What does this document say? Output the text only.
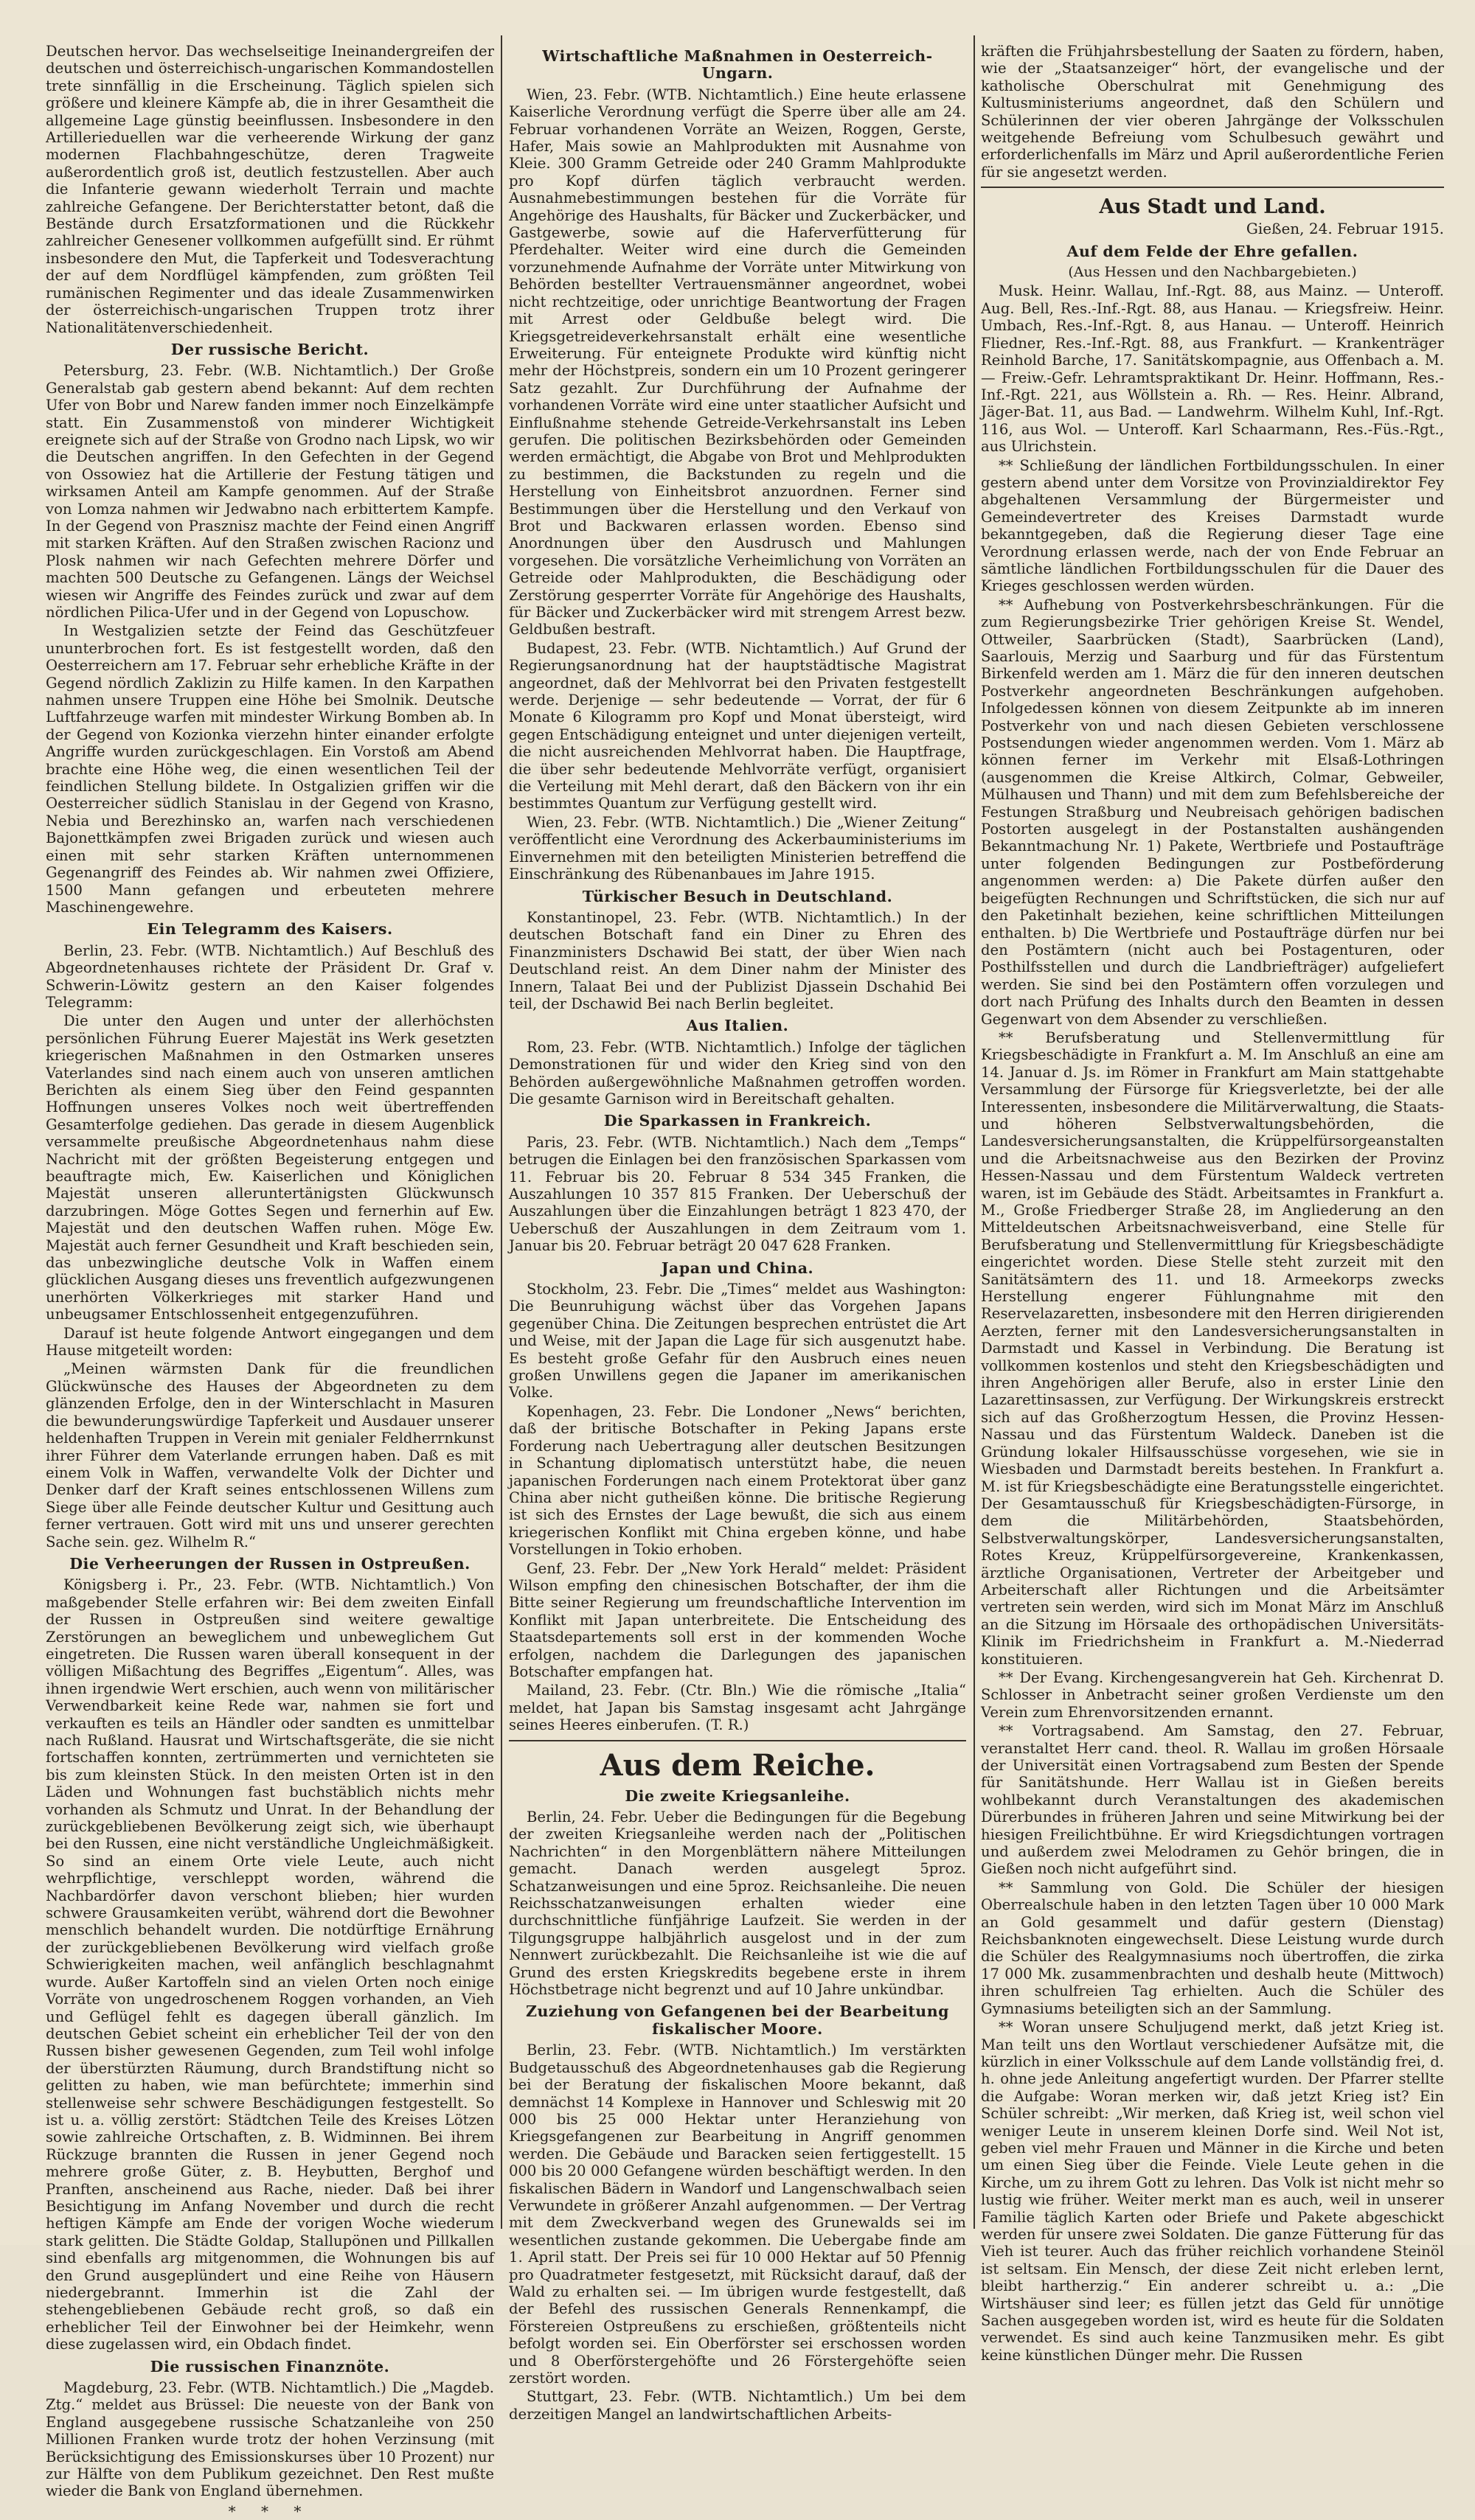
Deutschen hervor. Das wechselseitige Ineinandergreifen der deutschen und österreichisch-ungarischen Kommandostellen trete sinnfällig in die Erscheinung. Täglich spielen sich größere und kleinere Kämpfe ab, die in ihrer Gesamtheit die allgemeine Lage günstig beeinflussen. Insbesondere in den Artillerieduellen war die verheerende Wirkung der ganz modernen Flachbahngeschütze, deren Tragweite außerordentlich groß ist, deutlich festzustellen. Aber auch die Infanterie gewann wiederholt Terrain und machte zahlreiche Gefangene. Der Berichterstatter betont, daß die Bestände durch Ersatzformationen und die Rückkehr zahlreicher Genesener vollkommen aufgefüllt sind. Er rühmt insbesondere den Mut, die Tapferkeit und Todesverachtung der auf dem Nordflügel kämpfenden, zum größten Teil rumänischen Regimenter und das ideale Zusammenwirken der österreichisch-ungarischen Truppen trotz ihrer Nationalitätenverschiedenheit.

Der russische Bericht.

Petersburg, 23. Febr. (W.B. Nichtamtlich.) Der Große Generalstab gab gestern abend bekannt: Auf dem rechten Ufer von Bobr und Narew fanden immer noch Einzelkämpfe statt. Ein Zusammenstoß von minderer Wichtigkeit ereignete sich auf der Straße von Grodno nach Lipsk, wo wir die Deutschen angriffen. In den Gefechten in der Gegend von Ossowiez hat die Artillerie der Festung tätigen und wirksamen Anteil am Kampfe genommen. Auf der Straße von Lomza nahmen wir Jedwabno nach erbittertem Kampfe. In der Gegend von Prasznisz machte der Feind einen Angriff mit starken Kräften. Auf den Straßen zwischen Racionz und Plosk nahmen wir nach Gefechten mehrere Dörfer und machten 500 Deutsche zu Gefangenen. Längs der Weichsel wiesen wir Angriffe des Feindes zurück und zwar auf dem nördlichen Pilica-Ufer und in der Gegend von Lopuschow.

In Westgalizien setzte der Feind das Geschützfeuer ununterbrochen fort. Es ist festgestellt worden, daß den Oesterreichern am 17. Februar sehr erhebliche Kräfte in der Gegend nördlich Zaklizin zu Hilfe kamen. In den Karpathen nahmen unsere Truppen eine Höhe bei Smolnik. Deutsche Luftfahrzeuge warfen mit mindester Wirkung Bomben ab. In der Gegend von Kozionka vierzehn hinter einander erfolgte Angriffe wurden zurückgeschlagen. Ein Vorstoß am Abend brachte eine Höhe weg, die einen wesentlichen Teil der feindlichen Stellung bildete. In Ostgalizien griffen wir die Oesterreicher südlich Stanislau in der Gegend von Krasno, Nebia und Berezhinsko an, warfen nach verschiedenen Bajonettkämpfen zwei Brigaden zurück und wiesen auch einen mit sehr starken Kräften unternommenen Gegenangriff des Feindes ab. Wir nahmen zwei Offiziere, 1500 Mann gefangen und erbeuteten mehrere Maschinengewehre.

Ein Telegramm des Kaisers.

Berlin, 23. Febr. (WTB. Nichtamtlich.) Auf Beschluß des Abgeordnetenhauses richtete der Präsident Dr. Graf v. Schwerin-Löwitz gestern an den Kaiser folgendes Telegramm:

Die unter den Augen und unter der allerhöchsten persönlichen Führung Euerer Majestät ins Werk gesetzten kriegerischen Maßnahmen in den Ostmarken unseres Vaterlandes sind nach einem auch von unseren amtlichen Berichten als einem Sieg über den Feind gespannten Hoffnungen unseres Volkes noch weit übertreffenden Gesamterfolge gediehen. Das gerade in diesem Augenblick versammelte preußische Abgeordnetenhaus nahm diese Nachricht mit der größten Begeisterung entgegen und beauftragte mich, Ew. Kaiserlichen und Königlichen Majestät unseren alleruntertänigsten Glückwunsch darzubringen. Möge Gottes Segen und fernerhin auf Ew. Majestät und den deutschen Waffen ruhen. Möge Ew. Majestät auch ferner Gesundheit und Kraft beschieden sein, das unbezwingliche deutsche Volk in Waffen einem glücklichen Ausgang dieses uns freventlich aufgezwungenen unerhörten Völkerkrieges mit starker Hand und unbeugsamer Entschlossenheit entgegenzuführen.

Darauf ist heute folgende Antwort eingegangen und dem Hause mitgeteilt worden:

„Meinen wärmsten Dank für die freundlichen Glückwünsche des Hauses der Abgeordneten zu dem glänzenden Erfolge, den in der Winterschlacht in Masuren die bewunderungswürdige Tapferkeit und Ausdauer unserer heldenhaften Truppen in Verein mit genialer Feldherrnkunst ihrer Führer dem Vaterlande errungen haben. Daß es mit einem Volk in Waffen, verwandelte Volk der Dichter und Denker darf der Kraft seines entschlossenen Willens zum Siege über alle Feinde deutscher Kultur und Gesittung auch ferner vertrauen. Gott wird mit uns und unserer gerechten Sache sein. gez. Wilhelm R.“

Die Verheerungen der Russen in Ostpreußen.

Königsberg i. Pr., 23. Febr. (WTB. Nichtamtlich.) Von maßgebender Stelle erfahren wir: Bei dem zweiten Einfall der Russen in Ostpreußen sind weitere gewaltige Zerstörungen an beweglichem und unbeweglichem Gut eingetreten. Die Russen waren überall konsequent in der völligen Mißachtung des Begriffes „Eigentum“. Alles, was ihnen irgendwie Wert erschien, auch wenn von militärischer Verwendbarkeit keine Rede war, nahmen sie fort und verkauften es teils an Händler oder sandten es unmittelbar nach Rußland. Hausrat und Wirtschaftsgeräte, die sie nicht fortschaffen konnten, zertrümmerten und vernichteten sie bis zum kleinsten Stück. In den meisten Orten ist in den Läden und Wohnungen fast buchstäblich nichts mehr vorhanden als Schmutz und Unrat. In der Behandlung der zurückgebliebenen Bevölkerung zeigt sich, wie überhaupt bei den Russen, eine nicht verständliche Ungleichmäßigkeit. So sind an einem Orte viele Leute, auch nicht wehrpflichtige, verschleppt worden, während die Nachbardörfer davon verschont blieben; hier wurden schwere Grausamkeiten verübt, während dort die Bewohner menschlich behandelt wurden. Die notdürftige Ernährung der zurückgebliebenen Bevölkerung wird vielfach große Schwierigkeiten machen, weil anfänglich beschlagnahmt wurde. Außer Kartoffeln sind an vielen Orten noch einige Vorräte von ungedroschenem Roggen vorhanden, an Vieh und Geflügel fehlt es dagegen überall gänzlich. Im deutschen Gebiet scheint ein erheblicher Teil der von den Russen bisher gewesenen Gegenden, zum Teil wohl infolge der überstürzten Räumung, durch Brandstiftung nicht so gelitten zu haben, wie man befürchtete; immerhin sind stellenweise sehr schwere Beschädigungen festgestellt. So ist u. a. völlig zerstört: Städtchen Teile des Kreises Lötzen sowie zahlreiche Ortschaften, z. B. Widminnen. Bei ihrem Rückzuge brannten die Russen in jener Gegend noch mehrere große Güter, z. B. Heybutten, Berghof und Pranften, anscheinend aus Rache, nieder. Daß bei ihrer Besichtigung im Anfang November und durch die recht heftigen Kämpfe am Ende der vorigen Woche wiederum stark gelitten. Die Städte Goldap, Stallupönen und Pillkallen sind ebenfalls arg mitgenommen, die Wohnungen bis auf den Grund ausgeplündert und eine Reihe von Häusern niedergebrannt. Immerhin ist die Zahl der stehengebliebenen Gebäude recht groß, so daß ein erheblicher Teil der Einwohner bei der Heimkehr, wenn diese zugelassen wird, ein Obdach findet.

Die russischen Finanznöte.

Magdeburg, 23. Febr. (WTB. Nichtamtlich.) Die „Magdeb. Ztg.“ meldet aus Brüssel: Die neueste von der Bank von England ausgegebene russische Schatzanleihe von 250 Millionen Franken wurde trotz der hohen Verzinsung (mit Berücksichtigung des Emissionskurses über 10 Prozent) nur zur Hälfte von dem Publikum gezeichnet. Den Rest mußte wieder die Bank von England übernehmen.

* * *
Wirtschaftliche Maßnahmen in Oesterreich-Ungarn.

Wien, 23. Febr. (WTB. Nichtamtlich.) Eine heute erlassene Kaiserliche Verordnung verfügt die Sperre über alle am 24. Februar vorhandenen Vorräte an Weizen, Roggen, Gerste, Hafer, Mais sowie an Mahlprodukten mit Ausnahme von Kleie. 300 Gramm Getreide oder 240 Gramm Mahlprodukte pro Kopf dürfen täglich verbraucht werden. Ausnahmebestimmungen bestehen für die Vorräte für Angehörige des Haushalts, für Bäcker und Zuckerbäcker, und Gastgewerbe, sowie auf die Haferverfütterung für Pferdehalter. Weiter wird eine durch die Gemeinden vorzunehmende Aufnahme der Vorräte unter Mitwirkung von Behörden bestellter Vertrauensmänner angeordnet, wobei nicht rechtzeitige, oder unrichtige Beantwortung der Fragen mit Arrest oder Geldbuße belegt wird. Die Kriegsgetreideverkehrsanstalt erhält eine wesentliche Erweiterung. Für enteignete Produkte wird künftig nicht mehr der Höchstpreis, sondern ein um 10 Prozent geringerer Satz gezahlt. Zur Durchführung der Aufnahme der vorhandenen Vorräte wird eine unter staatlicher Aufsicht und Einflußnahme stehende Getreide-Verkehrsanstalt ins Leben gerufen. Die politischen Bezirksbehörden oder Gemeinden werden ermächtigt, die Abgabe von Brot und Mehlprodukten zu bestimmen, die Backstunden zu regeln und die Herstellung von Einheitsbrot anzuordnen. Ferner sind Bestimmungen über die Herstellung und den Verkauf von Brot und Backwaren erlassen worden. Ebenso sind Anordnungen über den Ausdrusch und Mahlungen vorgesehen. Die vorsätzliche Verheimlichung von Vorräten an Getreide oder Mahlprodukten, die Beschädigung oder Zerstörung gesperrter Vorräte für Angehörige des Haushalts, für Bäcker und Zuckerbäcker wird mit strengem Arrest bezw. Geldbußen bestraft.

Budapest, 23. Febr. (WTB. Nichtamtlich.) Auf Grund der Regierungsanordnung hat der hauptstädtische Magistrat angeordnet, daß der Mehlvorrat bei den Privaten festgestellt werde. Derjenige — sehr bedeutende — Vorrat, der für 6 Monate 6 Kilogramm pro Kopf und Monat übersteigt, wird gegen Entschädigung enteignet und unter diejenigen verteilt, die nicht ausreichenden Mehlvorrat haben. Die Hauptfrage, die über sehr bedeutende Mehlvorräte verfügt, organisiert die Verteilung mit Mehl derart, daß den Bäckern von ihr ein bestimmtes Quantum zur Verfügung gestellt wird.

Wien, 23. Febr. (WTB. Nichtamtlich.) Die „Wiener Zeitung“ veröffentlicht eine Verordnung des Ackerbauministeriums im Einvernehmen mit den beteiligten Ministerien betreffend die Einschränkung des Rübenanbaues im Jahre 1915.

Türkischer Besuch in Deutschland.

Konstantinopel, 23. Febr. (WTB. Nichtamtlich.) In der deutschen Botschaft fand ein Diner zu Ehren des Finanzministers Dschawid Bei statt, der über Wien nach Deutschland reist. An dem Diner nahm der Minister des Innern, Talaat Bei und der Publizist Djassein Dschahid Bei teil, der Dschawid Bei nach Berlin begleitet.

Aus Italien.

Rom, 23. Febr. (WTB. Nichtamtlich.) Infolge der täglichen Demonstrationen für und wider den Krieg sind von den Behörden außergewöhnliche Maßnahmen getroffen worden. Die gesamte Garnison wird in Bereitschaft gehalten.

Die Sparkassen in Frankreich.

Paris, 23. Febr. (WTB. Nichtamtlich.) Nach dem „Temps“ betrugen die Einlagen bei den französischen Sparkassen vom 11. Februar bis 20. Februar 8 534 345 Franken, die Auszahlungen 10 357 815 Franken. Der Ueberschuß der Auszahlungen über die Einzahlungen beträgt 1 823 470, der Ueberschuß der Auszahlungen in dem Zeitraum vom 1. Januar bis 20. Februar beträgt 20 047 628 Franken.

Japan und China.

Stockholm, 23. Febr. Die „Times“ meldet aus Washington: Die Beunruhigung wächst über das Vorgehen Japans gegenüber China. Die Zeitungen besprechen entrüstet die Art und Weise, mit der Japan die Lage für sich ausgenutzt habe. Es besteht große Gefahr für den Ausbruch eines neuen großen Unwillens gegen die Japaner im amerikanischen Volke.

Kopenhagen, 23. Febr. Die Londoner „News“ berichten, daß der britische Botschafter in Peking Japans erste Forderung nach Uebertragung aller deutschen Besitzungen in Schantung diplomatisch unterstützt habe, die neuen japanischen Forderungen nach einem Protektorat über ganz China aber nicht gutheißen könne. Die britische Regierung ist sich des Ernstes der Lage bewußt, die sich aus einem kriegerischen Konflikt mit China ergeben könne, und habe Vorstellungen in Tokio erhoben.

Genf, 23. Febr. Der „New York Herald“ meldet: Präsident Wilson empfing den chinesischen Botschafter, der ihm die Bitte seiner Regierung um freundschaftliche Intervention im Konflikt mit Japan unterbreitete. Die Entscheidung des Staatsdepartements soll erst in der kommenden Woche erfolgen, nachdem die Darlegungen des japanischen Botschafter empfangen hat.

Mailand, 23. Febr. (Ctr. Bln.) Wie die römische „Italia“ meldet, hat Japan bis Samstag insgesamt acht Jahrgänge seines Heeres einberufen. (T. R.)

Aus dem Reiche.
Die zweite Kriegsanleihe.

Berlin, 24. Febr. Ueber die Bedingungen für die Begebung der zweiten Kriegsanleihe werden nach der „Politischen Nachrichten“ in den Morgenblättern nähere Mitteilungen gemacht. Danach werden ausgelegt 5proz. Schatzanweisungen und eine 5proz. Reichsanleihe. Die neuen Reichsschatzanweisungen erhalten wieder eine durchschnittliche fünfjährige Laufzeit. Sie werden in der Tilgungsgruppe halbjährlich ausgelost und in der zum Nennwert zurückbezahlt. Die Reichsanleihe ist wie die auf Grund des ersten Kriegskredits begebene erste in ihrem Höchstbetrage nicht begrenzt und auf 10 Jahre unkündbar.

Zuziehung von Gefangenen bei der Bearbeitung fiskalischer Moore.

Berlin, 23. Febr. (WTB. Nichtamtlich.) Im verstärkten Budgetausschuß des Abgeordnetenhauses gab die Regierung bei der Beratung der fiskalischen Moore bekannt, daß demnächst 14 Komplexe in Hannover und Schleswig mit 20 000 bis 25 000 Hektar unter Heranziehung von Kriegsgefangenen zur Bearbeitung in Angriff genommen werden. Die Gebäude und Baracken seien fertiggestellt. 15 000 bis 20 000 Gefangene würden beschäftigt werden. In den fiskalischen Bädern in Wandorf und Langenschwalbach seien Verwundete in größerer Anzahl aufgenommen. — Der Vertrag mit dem Zweckverband wegen des Grunewalds sei im wesentlichen zustande gekommen. Die Uebergabe finde am 1. April statt. Der Preis sei für 10 000 Hektar auf 50 Pfennig pro Quadratmeter festgesetzt, mit Rücksicht darauf, daß der Wald zu erhalten sei. — Im übrigen wurde festgestellt, daß der Befehl des russischen Generals Rennenkampf, die Förstereien Ostpreußens zu erschießen, größtenteils nicht befolgt worden sei. Ein Oberförster sei erschossen worden und 8 Oberförstergehöfte und 26 Förstergehöfte seien zerstört worden.

Stuttgart, 23. Febr. (WTB. Nichtamtlich.) Um bei dem derzeitigen Mangel an landwirtschaftlichen Arbeits-

kräften die Frühjahrsbestellung der Saaten zu fördern, haben, wie der „Staatsanzeiger“ hört, der evangelische und der katholische Oberschulrat mit Genehmigung des Kultusministeriums angeordnet, daß den Schülern und Schülerinnen der vier oberen Jahrgänge der Volksschulen weitgehende Befreiung vom Schulbesuch gewährt und erforderlichenfalls im März und April außerordentliche Ferien für sie angesetzt werden.

Aus Stadt und Land.
Gießen, 24. Februar 1915.
Auf dem Felde der Ehre gefallen.
(Aus Hessen und den Nachbargebieten.)

Musk. Heinr. Wallau, Inf.-Rgt. 88, aus Mainz. — Unteroff. Aug. Bell, Res.-Inf.-Rgt. 88, aus Hanau. — Kriegsfreiw. Heinr. Umbach, Res.-Inf.-Rgt. 8, aus Hanau. — Unteroff. Heinrich Fliedner, Res.-Inf.-Rgt. 88, aus Frankfurt. — Krankenträger Reinhold Barche, 17. Sanitätskompagnie, aus Offenbach a. M. — Freiw.-Gefr. Lehramtspraktikant Dr. Heinr. Hoffmann, Res.-Inf.-Rgt. 221, aus Wöllstein a. Rh. — Res. Heinr. Albrand, Jäger-Bat. 11, aus Bad. — Landwehrm. Wilhelm Kuhl, Inf.-Rgt. 116, aus Wol. — Unteroff. Karl Schaarmann, Res.-Füs.-Rgt., aus Ulrichstein.

** Schließung der ländlichen Fortbildungsschulen. In einer gestern abend unter dem Vorsitze von Provinzialdirektor Fey abgehaltenen Versammlung der Bürgermeister und Gemeindevertreter des Kreises Darmstadt wurde bekanntgegeben, daß die Regierung dieser Tage eine Verordnung erlassen werde, nach der von Ende Februar an sämtliche ländlichen Fortbildungsschulen für die Dauer des Krieges geschlossen werden würden.

** Aufhebung von Postverkehrsbeschränkungen. Für die zum Regierungsbezirke Trier gehörigen Kreise St. Wendel, Ottweiler, Saarbrücken (Stadt), Saarbrücken (Land), Saarlouis, Merzig und Saarburg und für das Fürstentum Birkenfeld werden am 1. März die für den inneren deutschen Postverkehr angeordneten Beschränkungen aufgehoben. Infolgedessen können von diesem Zeitpunkte ab im inneren Postverkehr von und nach diesen Gebieten verschlossene Postsendungen wieder angenommen werden. Vom 1. März ab können ferner im Verkehr mit Elsaß-Lothringen (ausgenommen die Kreise Altkirch, Colmar, Gebweiler, Mülhausen und Thann) und mit dem zum Befehlsbereiche der Festungen Straßburg und Neubreisach gehörigen badischen Postorten ausgelegt in der Postanstalten aushängenden Bekanntmachung Nr. 1) Pakete, Wertbriefe und Postaufträge unter folgenden Bedingungen zur Postbeförderung angenommen werden: a) Die Pakete dürfen außer den beigefügten Rechnungen und Schriftstücken, die sich nur auf den Paketinhalt beziehen, keine schriftlichen Mitteilungen enthalten. b) Die Wertbriefe und Postaufträge dürfen nur bei den Postämtern (nicht auch bei Postagenturen, oder Posthilfsstellen und durch die Landbriefträger) aufgeliefert werden. Sie sind bei den Postämtern offen vorzulegen und dort nach Prüfung des Inhalts durch den Beamten in dessen Gegenwart von dem Absender zu verschließen.

** Berufsberatung und Stellenvermittlung für Kriegsbeschädigte in Frankfurt a. M. Im Anschluß an eine am 14. Januar d. Js. im Römer in Frankfurt am Main stattgehabte Versammlung der Fürsorge für Kriegsverletzte, bei der alle Interessenten, insbesondere die Militärverwaltung, die Staats- und höheren Selbstverwaltungsbehörden, die Landesversicherungsanstalten, die Krüppelfürsorgeanstalten und die Arbeitsnachweise aus den Bezirken der Provinz Hessen-Nassau und dem Fürstentum Waldeck vertreten waren, ist im Gebäude des Städt. Arbeitsamtes in Frankfurt a. M., Große Friedberger Straße 28, im Angliederung an den Mitteldeutschen Arbeitsnachweisverband, eine Stelle für Berufsberatung und Stellenvermittlung für Kriegsbeschädigte eingerichtet worden. Diese Stelle steht zurzeit mit den Sanitätsämtern des 11. und 18. Armeekorps zwecks Herstellung engerer Fühlungnahme mit den Reservelazaretten, insbesondere mit den Herren dirigierenden Aerzten, ferner mit den Landesversicherungsanstalten in Darmstadt und Kassel in Verbindung. Die Beratung ist vollkommen kostenlos und steht den Kriegsbeschädigten und ihren Angehörigen aller Berufe, also in erster Linie den Lazarettinsassen, zur Verfügung. Der Wirkungskreis erstreckt sich auf das Großherzogtum Hessen, die Provinz Hessen-Nassau und das Fürstentum Waldeck. Daneben ist die Gründung lokaler Hilfsausschüsse vorgesehen, wie sie in Wiesbaden und Darmstadt bereits bestehen. In Frankfurt a. M. ist für Kriegsbeschädigte eine Beratungsstelle eingerichtet. Der Gesamtausschuß für Kriegsbeschädigten-Fürsorge, in dem die Militärbehörden, Staatsbehörden, Selbstverwaltungskörper, Landesversicherungsanstalten, Rotes Kreuz, Krüppelfürsorgevereine, Krankenkassen, ärztliche Organisationen, Vertreter der Arbeitgeber und Arbeiterschaft aller Richtungen und die Arbeitsämter vertreten sein werden, wird sich im Monat März im Anschluß an die Sitzung im Hörsaale des orthopädischen Universitäts-Klinik im Friedrichsheim in Frankfurt a. M.-Niederrad konstituieren.

** Der Evang. Kirchengesangverein hat Geh. Kirchenrat D. Schlosser in Anbetracht seiner großen Verdienste um den Verein zum Ehrenvorsitzenden ernannt.

** Vortragsabend. Am Samstag, den 27. Februar, veranstaltet Herr cand. theol. R. Wallau im großen Hörsaale der Universität einen Vortragsabend zum Besten der Spende für Sanitätshunde. Herr Wallau ist in Gießen bereits wohlbekannt durch Veranstaltungen des akademischen Dürerbundes in früheren Jahren und seine Mitwirkung bei der hiesigen Freilichtbühne. Er wird Kriegsdichtungen vortragen und außerdem zwei Melodramen zu Gehör bringen, die in Gießen noch nicht aufgeführt sind.

** Sammlung von Gold. Die Schüler der hiesigen Oberrealschule haben in den letzten Tagen über 10 000 Mark an Gold gesammelt und dafür gestern (Dienstag) Reichsbanknoten eingewechselt. Diese Leistung wurde durch die Schüler des Realgymnasiums noch übertroffen, die zirka 17 000 Mk. zusammenbrachten und deshalb heute (Mittwoch) ihren schulfreien Tag erhielten. Auch die Schüler des Gymnasiums beteiligten sich an der Sammlung.

** Woran unsere Schuljugend merkt, daß jetzt Krieg ist. Man teilt uns den Wortlaut verschiedener Aufsätze mit, die kürzlich in einer Volksschule auf dem Lande vollständig frei, d. h. ohne jede Anleitung angefertigt wurden. Der Pfarrer stellte die Aufgabe: Woran merken wir, daß jetzt Krieg ist? Ein Schüler schreibt: „Wir merken, daß Krieg ist, weil schon viel weniger Leute in unserem kleinen Dorfe sind. Weil Not ist, geben viel mehr Frauen und Männer in die Kirche und beten um einen Sieg über die Feinde. Viele Leute gehen in die Kirche, um zu ihrem Gott zu lehren. Das Volk ist nicht mehr so lustig wie früher. Weiter merkt man es auch, weil in unserer Familie täglich Karten oder Briefe und Pakete abgeschickt werden für unsere zwei Soldaten. Die ganze Fütterung für das Vieh ist teurer. Auch das früher reichlich vorhandene Steinöl ist seltsam. Ein Mensch, der diese Zeit nicht erleben lernt, bleibt hartherzig.“ Ein anderer schreibt u. a.: „Die Wirtshäuser sind leer; es füllen jetzt das Geld für unnötige Sachen ausgegeben worden ist, wird es heute für die Soldaten verwendet. Es sind auch keine Tanzmusiken mehr. Es gibt keine künstlichen Dünger mehr. Die Russen
